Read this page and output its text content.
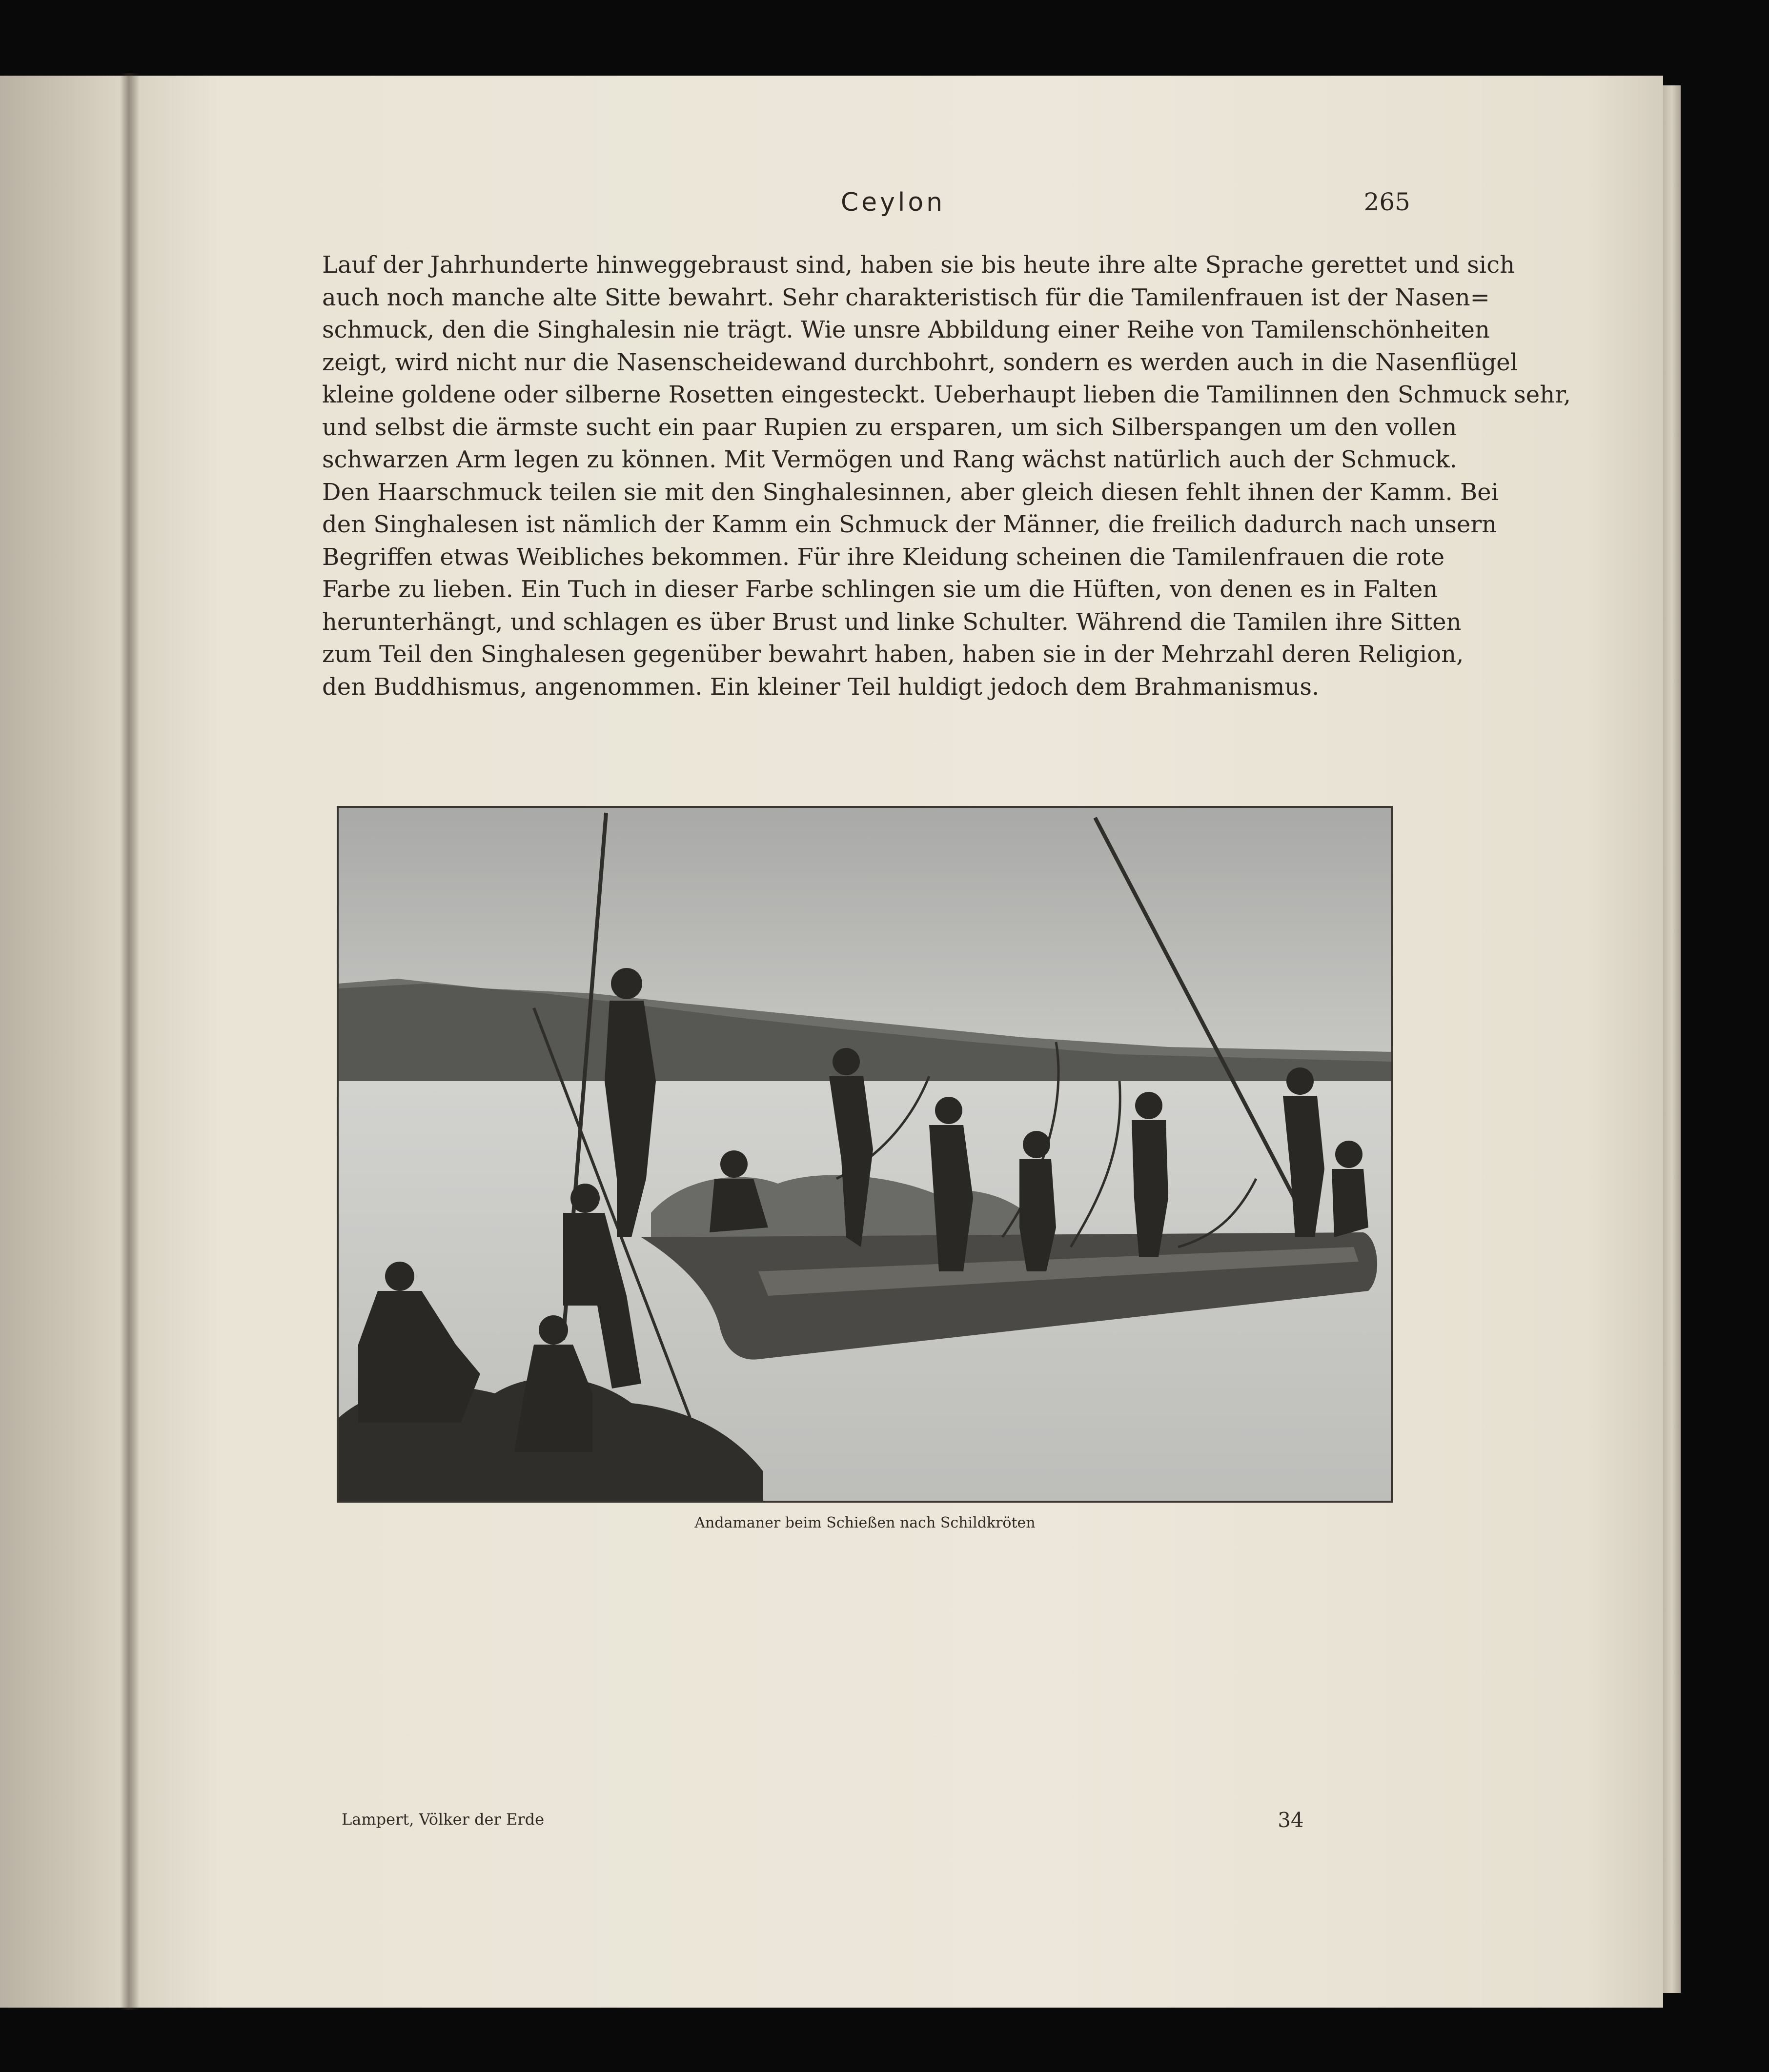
Ceylon	265
Lauf der Jahrhunderte hinweggebraust sind, haben sie bis heute ihre alte Sprache gerettet und sich
auch noch manche alte Sitte bewahrt. Sehr charakteristisch für die Tamilenfrauen ist der Nasen=
schmuck, den die Singhalesin nie trägt. Wie unsre Abbildung einer Reihe von Tamilenschönheiten
zeigt, wird nicht nur die Nasenscheidewand durchbohrt, sondern es werden auch in die Nasenflügel
kleine goldene oder silberne Rosetten eingesteckt. Ueberhaupt lieben die Tamilinnen den Schmuck sehr,
und selbst die ärmste sucht ein paar Rupien zu ersparen, um sich Silberspangen um den vollen
schwarzen Arm legen zu können. Mit Vermögen und Rang wächst natürlich auch der Schmuck.
Den Haarschmuck teilen sie mit den Singhalesinnen, aber gleich diesen fehlt ihnen der Kamm. Bei
den Singhalesen ist nämlich der Kamm ein Schmuck der Männer, die freilich dadurch nach unsern
Begriffen etwas Weibliches bekommen. Für ihre Kleidung scheinen die Tamilenfrauen die rote
Farbe zu lieben. Ein Tuch in dieser Farbe schlingen sie um die Hüften, von denen es in Falten
herunterhängt, und schlagen es über Brust und linke Schulter. Während die Tamilen ihre Sitten
zum Teil den Singhalesen gegenüber bewahrt haben, haben sie in der Mehrzahl deren Religion,
den Buddhismus, angenommen. Ein kleiner Teil huldigt jedoch dem Brahmanismus.
Andamaner beim Schießen nach Schildkröten
Lampert, Völker der Erde	34
